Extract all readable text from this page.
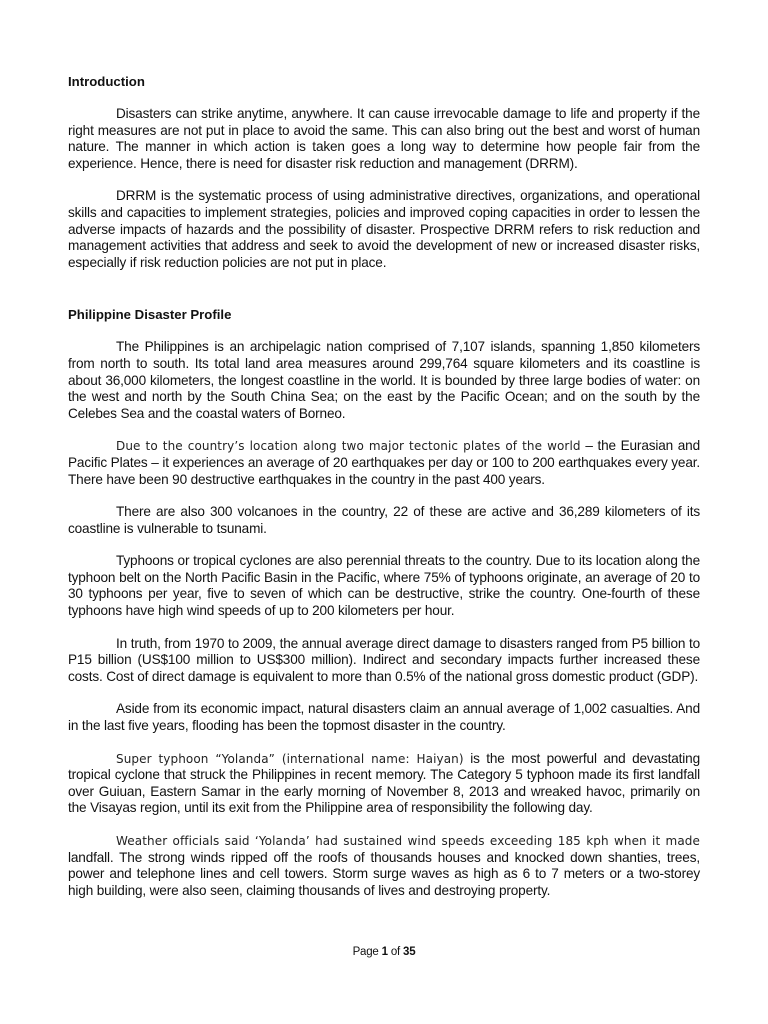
Introduction

Disasters can strike anytime, anywhere. It can cause irrevocable damage to life and property if the right measures are not put in place to avoid the same. This can also bring out the best and worst of human nature. The manner in which action is taken goes a long way to determine how people fair from the experience. Hence, there is need for disaster risk reduction and management (DRRM).

DRRM is the systematic process of using administrative directives, organizations, and operational skills and capacities to implement strategies, policies and improved coping capacities in order to lessen the adverse impacts of hazards and the possibility of disaster. Prospective DRRM refers to risk reduction and management activities that address and seek to avoid the development of new or increased disaster risks, especially if risk reduction policies are not put in place.

Philippine Disaster Profile

The Philippines is an archipelagic nation comprised of 7,107 islands, spanning 1,850 kilometers from north to south. Its total land area measures around 299,764 square kilometers and its coastline is about 36,000 kilometers, the longest coastline in the world. It is bounded by three large bodies of water: on the west and north by the South China Sea; on the east by the Pacific Ocean; and on the south by the Celebes Sea and the coastal waters of Borneo.

Due to the country’s location along two major tectonic plates of the world – the Eurasian and Pacific Plates – it experiences an average of 20 earthquakes per day or 100 to 200 earthquakes every year. There have been 90 destructive earthquakes in the country in the past 400 years.

There are also 300 volcanoes in the country, 22 of these are active and 36,289 kilometers of its coastline is vulnerable to tsunami.

Typhoons or tropical cyclones are also perennial threats to the country. Due to its location along the typhoon belt on the North Pacific Basin in the Pacific, where 75% of typhoons originate, an average of 20 to 30 typhoons per year, five to seven of which can be destructive, strike the country. One-fourth of these typhoons have high wind speeds of up to 200 kilometers per hour.

In truth, from 1970 to 2009, the annual average direct damage to disasters ranged from P5 billion to P15 billion (US$100 million to US$300 million). Indirect and secondary impacts further increased these costs. Cost of direct damage is equivalent to more than 0.5% of the national gross domestic product (GDP).

Aside from its economic impact, natural disasters claim an annual average of 1,002 casualties. And in the last five years, flooding has been the topmost disaster in the country.

Super typhoon “Yolanda” (international name: Haiyan) is the most powerful and devastating tropical cyclone that struck the Philippines in recent memory. The Category 5 typhoon made its first landfall over Guiuan, Eastern Samar in the early morning of November 8, 2013 and wreaked havoc, primarily on the Visayas region, until its exit from the Philippine area of responsibility the following day.

Weather officials said ‘Yolanda’ had sustained wind speeds exceeding 185 kph when it made landfall. The strong winds ripped off the roofs of thousands houses and knocked down shanties, trees, power and telephone lines and cell towers. Storm surge waves as high as 6 to 7 meters or a two-storey high building, were also seen, claiming thousands of lives and destroying property.

Page 1 of 35
